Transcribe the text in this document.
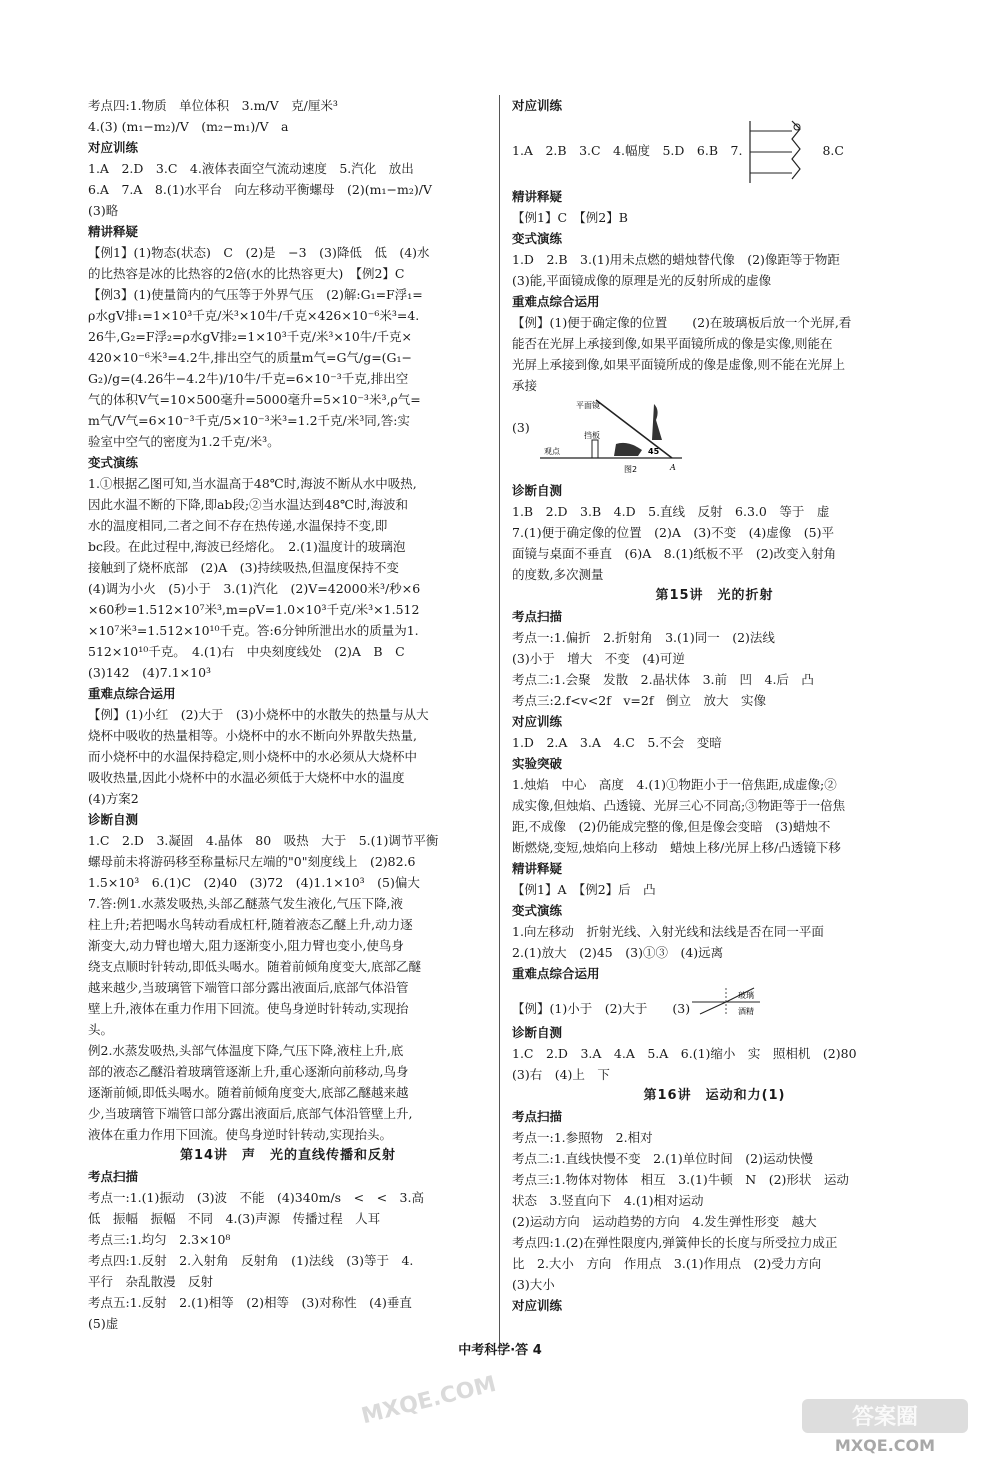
考点四:1.物质　单位体积　3.m/V　克/厘米³
4.(3) (m₁−m₂)/V　(m₂−m₁)/V　a
对应训练
1.A　2.D　3.C　4.液体表面空气流动速度　5.汽化　放出
6.A　7.A　8.(1)水平台　向左移动平衡螺母　(2)(m₁−m₂)/V
(3)略
精讲释疑
【例1】(1)物态(状态)　C　(2)是　−3　(3)降低　低　(4)水
的比热容是冰的比热容的2倍(水的比热容更大)　【例2】C
【例3】(1)使量筒内的气压等于外界气压　(2)解:G₁=F浮₁=
ρ水gV排₁=1×10³千克/米³×10牛/千克×426×10⁻⁶米³=4.
26牛,G₂=F浮₂=ρ水gV排₂=1×10³千克/米³×10牛/千克×
420×10⁻⁶米³=4.2牛,排出空气的质量m气=G气/g=(G₁−
G₂)/g=(4.26牛−4.2牛)/10牛/千克=6×10⁻³千克,排出空
气的体积V气=10×500毫升=5000毫升=5×10⁻³米³,ρ气=
m气/V气=6×10⁻³千克/5×10⁻³米³=1.2千克/米³同,答:实
验室中空气的密度为1.2千克/米³。
变式演练
1.①根据乙图可知,当水温高于48℃时,海波不断从水中吸热,
因此水温不断的下降,即ab段;②当水温达到48℃时,海波和
水的温度相同,二者之间不存在热传递,水温保持不变,即
bc段。在此过程中,海波已经熔化。　2.(1)温度计的玻璃泡
接触到了烧杯底部　(2)A　(3)持续吸热,但温度保持不变
(4)调为小火　(5)小于　3.(1)汽化　(2)V=42000米³/秒×6
×60秒=1.512×10⁷米³,m=ρV=1.0×10³千克/米³×1.512
×10⁷米³=1.512×10¹⁰千克。答:6分钟所泄出水的质量为1.
512×10¹⁰千克。　4.(1)右　中央刻度线处　(2)A　B　C
(3)142　(4)7.1×10³
重难点综合运用
【例】(1)小红　(2)大于　(3)小烧杯中的水散失的热量与从大
烧杯中吸收的热量相等。小烧杯中的水不断向外界散失热量,
而小烧杯中的水温保持稳定,则小烧杯中的水必须从大烧杯中
吸收热量,因此小烧杯中的水温必须低于大烧杯中水的温度
(4)方案2
诊断自测
1.C　2.D　3.凝固　4.晶体　80　吸热　大于　5.(1)调节平衡
螺母前未将游码移至称量标尺左端的"0"刻度线上　(2)82.6
1.5×10³　6.(1)C　(2)40　(3)72　(4)1.1×10³　(5)偏大
7.答:例1.水蒸发吸热,头部乙醚蒸气发生液化,气压下降,液
柱上升;若把喝水鸟转动看成杠杆,随着液态乙醚上升,动力逐
渐变大,动力臂也增大,阻力逐渐变小,阻力臂也变小,使鸟身
绕支点顺时针转动,即低头喝水。随着前倾角度变大,底部乙醚
越来越少,当玻璃管下端管口部分露出液面后,底部气体沿管
壁上升,液体在重力作用下回流。使鸟身逆时针转动,实现抬
头。
例2.水蒸发吸热,头部气体温度下降,气压下降,液柱上升,底
部的液态乙醚沿着玻璃管逐渐上升,重心逐渐向前移动,鸟身
逐渐前倾,即低头喝水。随着前倾角度变大,底部乙醚越来越
少,当玻璃管下端管口部分露出液面后,底部气体沿管壁上升,
液体在重力作用下回流。使鸟身逆时针转动,实现抬头。
第14讲　声　光的直线传播和反射
考点扫描
考点一:1.(1)振动　(3)波　不能　(4)340m/s　<　<　3.高
低　振幅　振幅　不同　4.(3)声源　传播过程　人耳
考点三:1.均匀　2.3×10⁸
考点四:1.反射　2.入射角　反射角　(1)法线　(3)等于　4.
平行　杂乱散漫　反射
考点五:1.反射　2.(1)相等　(2)相等　(3)对称性　(4)垂直
(5)虚
对应训练
1.A　2.B　3.C　4.幅度　5.D　6.B　7.	8.C
精讲释疑
【例1】C　【例2】B
变式演练
1.D　2.B　3.(1)用未点燃的蜡烛替代像　(2)像距等于物距
(3)能,平面镜成像的原理是光的反射所成的虚像
重难点综合运用
【例】(1)便于确定像的位置　　(2)在玻璃板后放一个光屏,看
能否在光屏上承接到像,如果平面镜所成的像是实像,则能在
光屏上承接到像,如果平面镜所成的像是虚像,则不能在光屏上
承接
(3)
平面镜
挡板
观点	45
A
图2
诊断自测
1.B　2.D　3.B　4.D　5.直线　反射　6.3.0　等于　虚
7.(1)便于确定像的位置　(2)A　(3)不变　(4)虚像　(5)平
面镜与桌面不垂直　(6)A　8.(1)纸板不平　(2)改变入射角
的度数,多次测量
第15讲　光的折射
考点扫描
考点一:1.偏折　2.折射角　3.(1)同一　(2)法线
(3)小于　增大　不变　(4)可逆
考点二:1.会聚　发散　2.晶状体　3.前　凹　4.后　凸
考点三:2.f<v<2f　v=2f　倒立　放大　实像
对应训练
1.D　2.A　3.A　4.C　5.不会　变暗
实验突破
1.烛焰　中心　高度　4.(1)①物距小于一倍焦距,成虚像;②
成实像,但烛焰、凸透镜、光屏三心不同高;③物距等于一倍焦
距,不成像　(2)仍能成完整的像,但是像会变暗　(3)蜡烛不
断燃烧,变短,烛焰向上移动　蜡烛上移/光屏上移/凸透镜下移
精讲释疑
【例1】A　【例2】后　凸
变式演练
1.向左移动　折射光线、入射光线和法线是否在同一平面
2.(1)放大　(2)45　(3)①③　(4)远离
重难点综合运用
【例】(1)小于　(2)大于　　(3)
玻璃
酒精
诊断自测
1.C　2.D　3.A　4.A　5.A　6.(1)缩小　实　照相机　(2)80
(3)右　(4)上　下
第16讲　运动和力(1)
考点扫描
考点一:1.参照物　2.相对
考点二:1.直线快慢不变　2.(1)单位时间　(2)运动快慢
考点三:1.物体对物体　相互　3.(1)牛顿　N　(2)形状　运动
状态　3.竖直向下　4.(1)相对运动
(2)运动方向　运动趋势的方向　4.发生弹性形变　越大
考点四:1.(2)在弹性限度内,弹簧伸长的长度与所受拉力成正
比　2.大小　方向　作用点　3.(1)作用点　(2)受力方向
(3)大小
对应训练
中考科学·答 4
答案圈
MXQE.COM
MXQE.COM
